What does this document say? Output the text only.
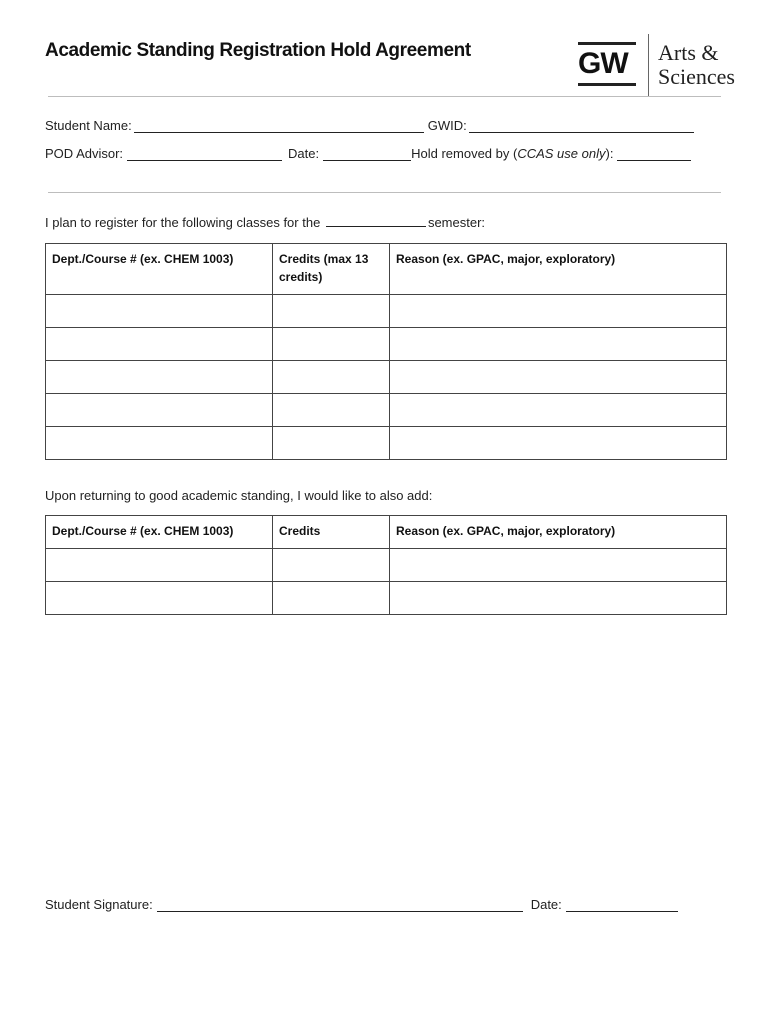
Academic Standing Registration Hold Agreement	GW	Arts &
Sciences
Student Name:	GWID:
POD Advisor:	Date:	Hold removed by (CCAS use only):
I plan to register for the following classes for the	semester:
Dept./Course # (ex. CHEM 1003)	Credits (max 13 credits)	Reason (ex. GPAC, major, exploratory)

Upon returning to good academic standing, I would like to also add:
Dept./Course # (ex. CHEM 1003)	Credits	Reason (ex. GPAC, major, exploratory)

Student Signature:	Date:
